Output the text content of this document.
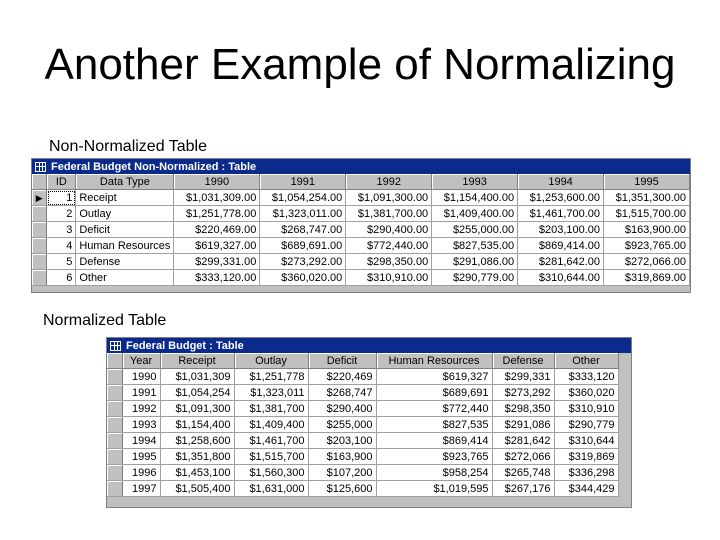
Another Example of Normalizing
Non-Normalized Table
Federal Budget Non-Normalized : Table
	ID	Data Type	1990	1991	1992	1993	1994	1995
▶	1	Receipt	$1,031,309.00	$1,054,254.00	$1,091,300.00	$1,154,400.00	$1,253,600.00	$1,351,300.00
	2	Outlay	$1,251,778.00	$1,323,011.00	$1,381,700.00	$1,409,400.00	$1,461,700.00	$1,515,700.00
	3	Deficit	$220,469.00	$268,747.00	$290,400.00	$255,000.00	$203,100.00	$163,900.00
	4	Human Resources	$619,327.00	$689,691.00	$772,440.00	$827,535.00	$869,414.00	$923,765.00
	5	Defense	$299,331.00	$273,292.00	$298,350.00	$291,086.00	$281,642.00	$272,066.00
	6	Other	$333,120.00	$360,020.00	$310,910.00	$290,779.00	$310,644.00	$319,869.00
Normalized Table
Federal Budget : Table
	Year	Receipt	Outlay	Deficit	Human Resources	Defense	Other
	1990	$1,031,309	$1,251,778	$220,469	$619,327	$299,331	$333,120
	1991	$1,054,254	$1,323,011	$268,747	$689,691	$273,292	$360,020
	1992	$1,091,300	$1,381,700	$290,400	$772,440	$298,350	$310,910
	1993	$1,154,400	$1,409,400	$255,000	$827,535	$291,086	$290,779
	1994	$1,258,600	$1,461,700	$203,100	$869,414	$281,642	$310,644
	1995	$1,351,800	$1,515,700	$163,900	$923,765	$272,066	$319,869
	1996	$1,453,100	$1,560,300	$107,200	$958,254	$265,748	$336,298
	1997	$1,505,400	$1,631,000	$125,600	$1,019,595	$267,176	$344,429
